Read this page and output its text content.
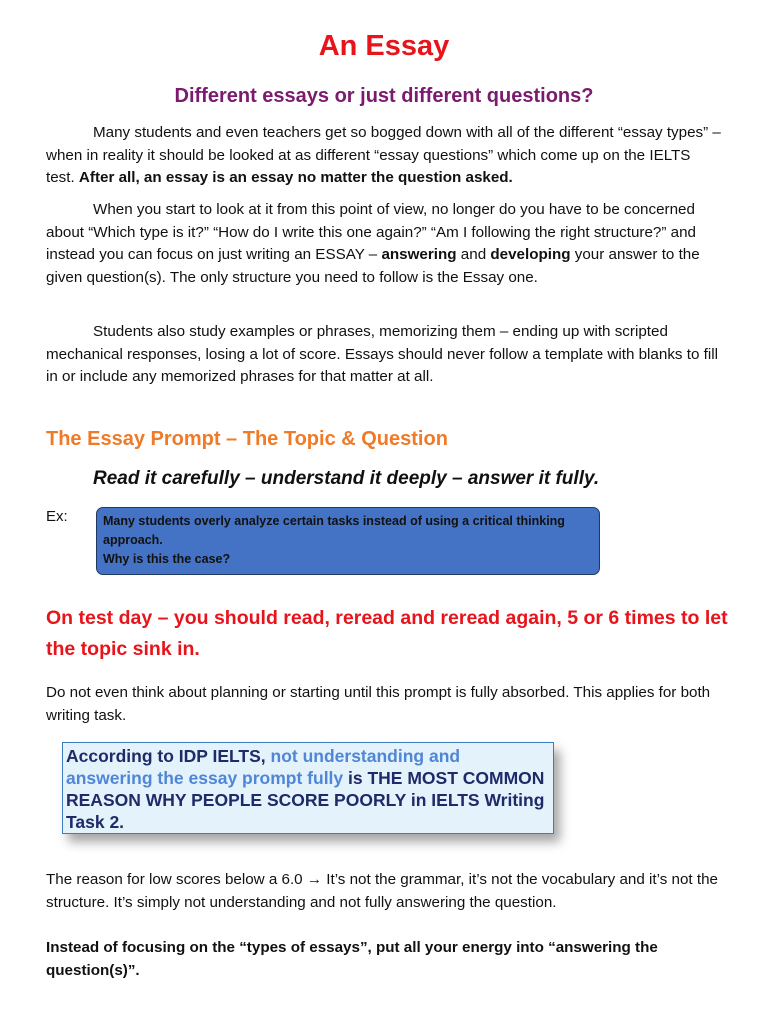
An Essay
Different essays or just different questions?
Many students and even teachers get so bogged down with all of the different “essay types” – when in reality it should be looked at as different “essay questions” which come up on the IELTS test. After all, an essay is an essay no matter the question asked.
When you start to look at it from this point of view, no longer do you have to be concerned about “Which type is it?” “How do I write this one again?” “Am I following the right structure?” and instead you can focus on just writing an ESSAY – answering and developing your answer to the given question(s). The only structure you need to follow is the Essay one.
Students also study examples or phrases, memorizing them – ending up with scripted mechanical responses, losing a lot of score. Essays should never follow a template with blanks to fill in or include any memorized phrases for that matter at all.
The Essay Prompt – The Topic & Question
Read it carefully – understand it deeply – answer it fully.
Ex:	Many students overly analyze certain tasks instead of using a critical thinking approach.
Why is this the case?
On test day – you should read, reread and reread again, 5 or 6 times to let the topic sink in.
Do not even think about planning or starting until this prompt is fully absorbed. This applies for both writing task.
According to IDP IELTS, not understanding and answering the essay prompt fully is THE MOST COMMON REASON WHY PEOPLE SCORE POORLY in IELTS Writing Task 2.
The reason for low scores below a 6.0 → It’s not the grammar, it’s not the vocabulary and it’s not the structure. It’s simply not understanding and not fully answering the question.
Instead of focusing on the “types of essays”, put all your energy into “answering the question(s)”.
